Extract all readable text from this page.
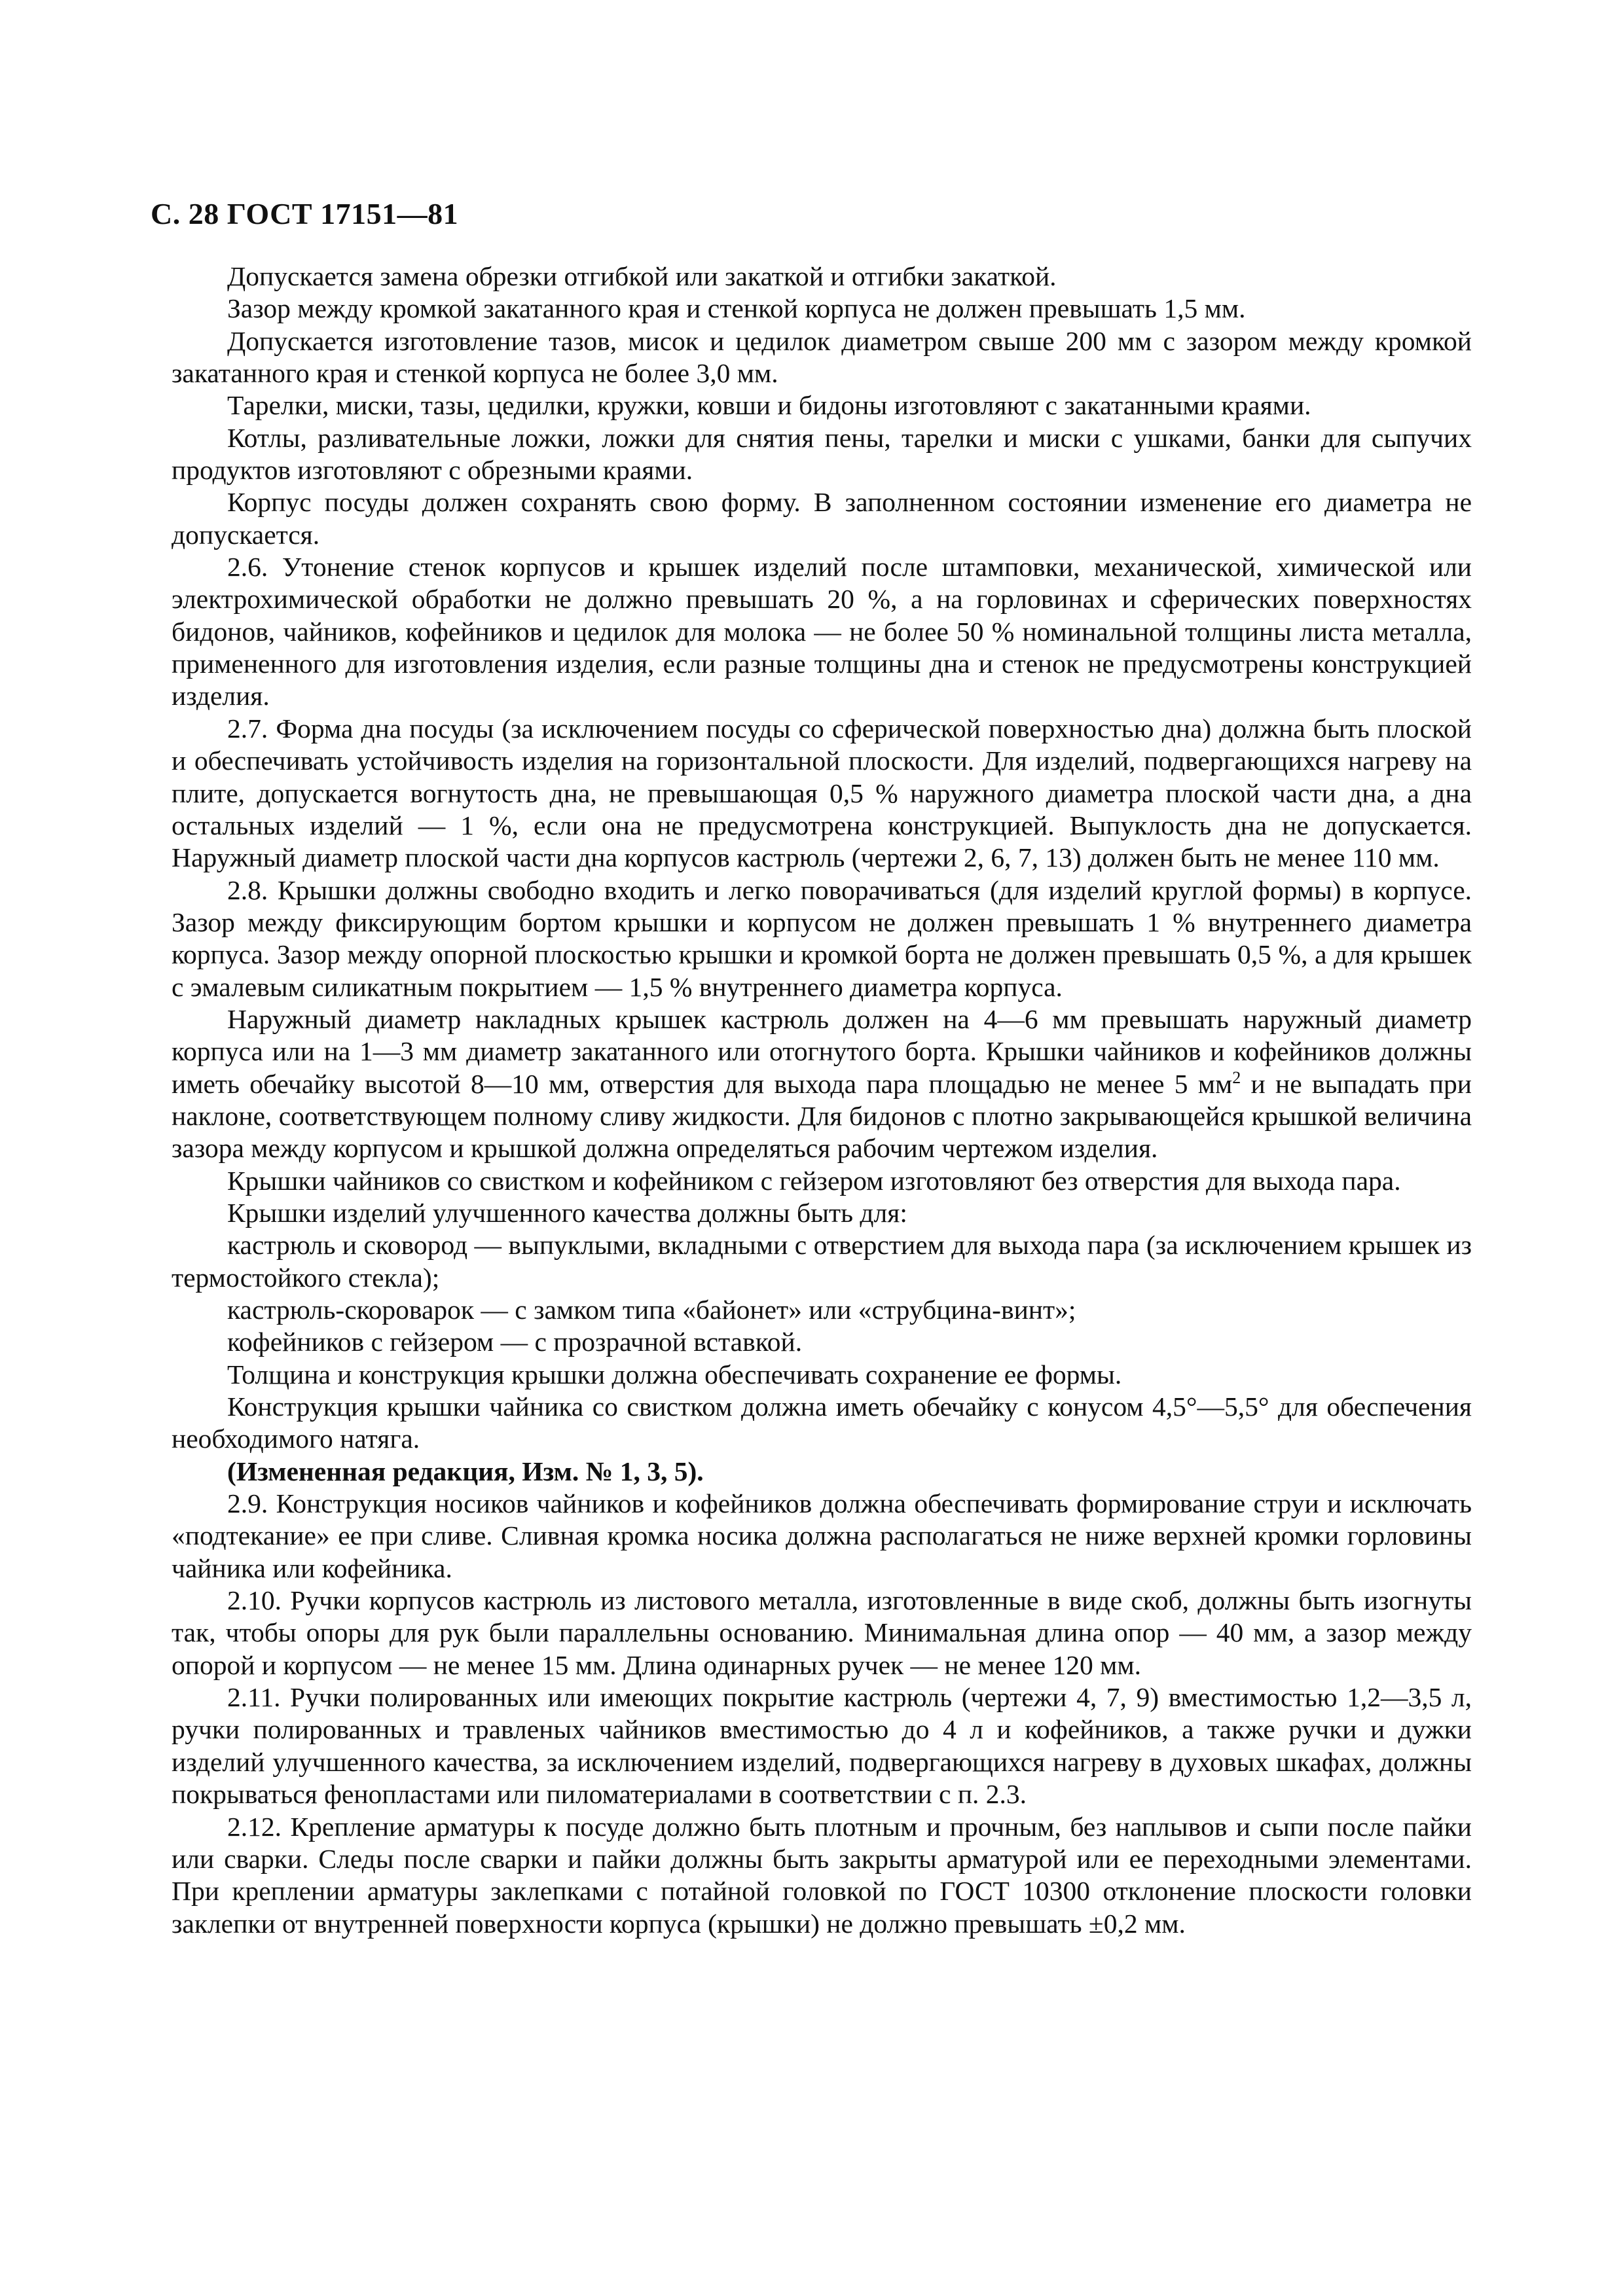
С. 28 ГОСТ 17151—81

Допускается замена обрезки отгибкой или закаткой и отгибки закаткой.

Зазор между кромкой закатанного края и стенкой корпуса не должен превышать 1,5 мм.

Допускается изготовление тазов, мисок и цедилок диаметром свыше 200 мм с зазором между кромкой закатанного края и стенкой корпуса не более 3,0 мм.

Тарелки, миски, тазы, цедилки, кружки, ковши и бидоны изготовляют с закатанными краями.

Котлы, разливательные ложки, ложки для снятия пены, тарелки и миски с ушками, банки для сыпучих продуктов изготовляют с обрезными краями.

Корпус посуды должен сохранять свою форму. В заполненном состоянии изменение его диаметра не допускается.

2.6. Утонение стенок корпусов и крышек изделий после штамповки, механической, химической или электрохимической обработки не должно превышать 20 %, а на горловинах и сферических поверхностях бидонов, чайников, кофейников и цедилок для молока — не более 50 % номинальной толщины листа металла, примененного для изготовления изделия, если разные толщины дна и стенок не предусмотрены конструкцией изделия.

2.7. Форма дна посуды (за исключением посуды со сферической поверхностью дна) должна быть плоской и обеспечивать устойчивость изделия на горизонтальной плоскости. Для изделий, подвергающихся нагреву на плите, допускается вогнутость дна, не превышающая 0,5 % наружного диаметра плоской части дна, а дна остальных изделий — 1 %, если она не предусмотрена конструкцией. Выпуклость дна не допускается. Наружный диаметр плоской части дна корпусов кастрюль (чертежи 2, 6, 7, 13) должен быть не менее 110 мм.

2.8. Крышки должны свободно входить и легко поворачиваться (для изделий круглой формы) в корпусе. Зазор между фиксирующим бортом крышки и корпусом не должен превышать 1 % внутреннего диаметра корпуса. Зазор между опорной плоскостью крышки и кромкой борта не должен превышать 0,5 %, а для крышек с эмалевым силикатным покрытием — 1,5 % внутреннего диаметра корпуса.

Наружный диаметр накладных крышек кастрюль должен на 4—6 мм превышать наружный диаметр корпуса или на 1—3 мм диаметр закатанного или отогнутого борта. Крышки чайников и кофейников должны иметь обечайку высотой 8—10 мм, отверстия для выхода пара площадью не менее 5 $мм^2$ и не выпадать при наклоне, соответствующем полному сливу жидкости. Для бидонов с плотно закрывающейся крышкой величина зазора между корпусом и крышкой должна определяться рабочим чертежом изделия.

Крышки чайников со свистком и кофейником с гейзером изготовляют без отверстия для выхода пара.

Крышки изделий улучшенного качества должны быть для:

кастрюль и сковород — выпуклыми, вкладными с отверстием для выхода пара (за исключением крышек из термостойкого стекла);

кастрюль-скороварок — с замком типа «байонет» или «струбцина-винт»;

кофейников с гейзером — с прозрачной вставкой.

Толщина и конструкция крышки должна обеспечивать сохранение ее формы.

Конструкция крышки чайника со свистком должна иметь обечайку с конусом 4,5°—5,5° для обеспечения необходимого натяга.

(Измененная редакция, Изм. № 1, 3, 5).

2.9. Конструкция носиков чайников и кофейников должна обеспечивать формирование струи и исключать «подтекание» ее при сливе. Сливная кромка носика должна располагаться не ниже верхней кромки горловины чайника или кофейника.

2.10. Ручки корпусов кастрюль из листового металла, изготовленные в виде скоб, должны быть изогнуты так, чтобы опоры для рук были параллельны основанию. Минимальная длина опор — 40 мм, а зазор между опорой и корпусом — не менее 15 мм. Длина одинарных ручек — не менее 120 мм.

2.11. Ручки полированных или имеющих покрытие кастрюль (чертежи 4, 7, 9) вместимостью 1,2—3,5 л, ручки полированных и травленых чайников вместимостью до 4 л и кофейников, а также ручки и дужки изделий улучшенного качества, за исключением изделий, подвергающихся нагреву в духовых шкафах, должны покрываться фенопластами или пиломатериалами в соответствии с п. 2.3.

2.12. Крепление арматуры к посуде должно быть плотным и прочным, без наплывов и сыпи после пайки или сварки. Следы после сварки и пайки должны быть закрыты арматурой или ее переходными элементами. При креплении арматуры заклепками с потайной головкой по ГОСТ 10300 отклонение плоскости головки заклепки от внутренней поверхности корпуса (крышки) не должно превышать ±0,2 мм.
